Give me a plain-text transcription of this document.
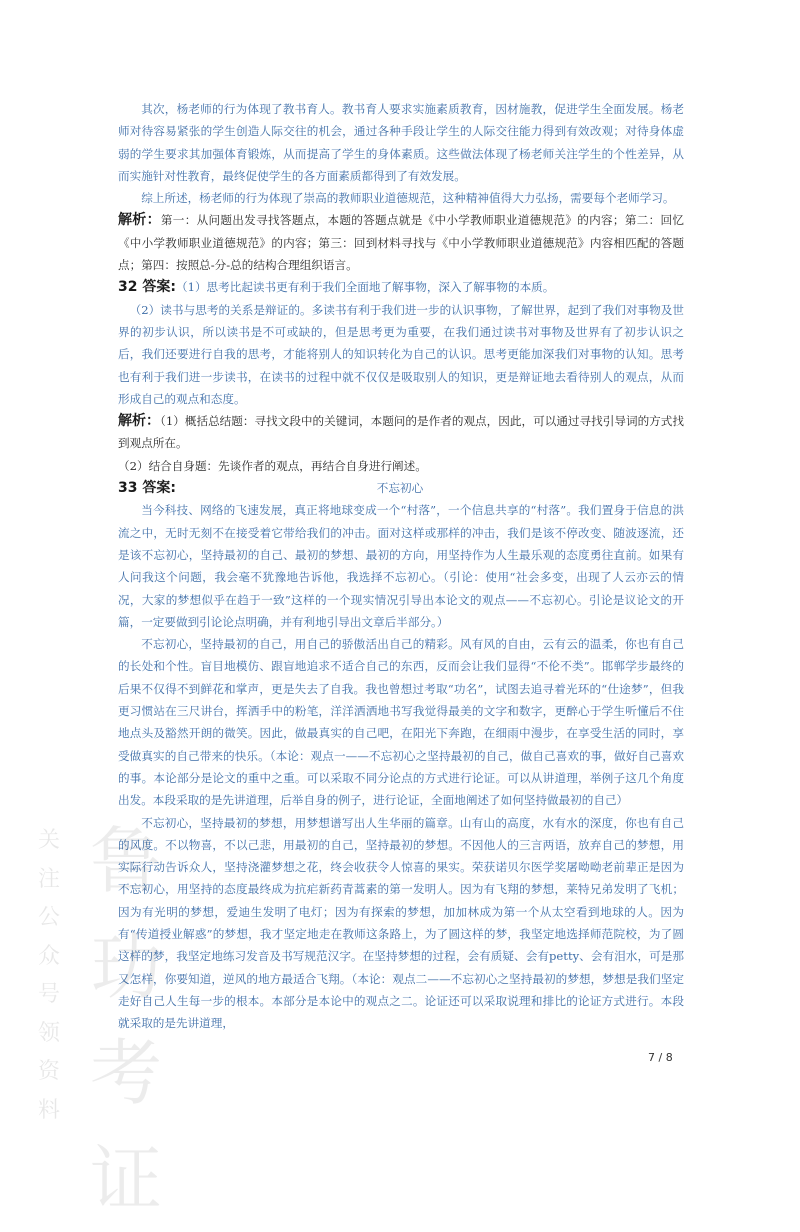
其次，杨老师的行为体现了教书育人。教书育人要求实施素质教育，因材施教，促进学生全面发展。杨老师对待容易紧张的学生创造人际交往的机会，通过各种手段让学生的人际交往能力得到有效改观；对待身体虚弱的学生要求其加强体育锻炼，从而提高了学生的身体素质。这些做法体现了杨老师关注学生的个性差异，从而实施针对性教育，最终促使学生的各方面素质都得到了有效发展。

综上所述，杨老师的行为体现了崇高的教师职业道德规范，这种精神值得大力弘扬，需要每个老师学习。

解析：第一：从问题出发寻找答题点，本题的答题点就是《中小学教师职业道德规范》的内容；第二：回忆《中小学教师职业道德规范》的内容；第三：回到材料寻找与《中小学教师职业道德规范》内容相匹配的答题点；第四：按照总-分-总的结构合理组织语言。

32 答案:（1）思考比起读书更有利于我们全面地了解事物，深入了解事物的本质。

（2）读书与思考的关系是辩证的。多读书有利于我们进一步的认识事物，了解世界，起到了我们对事物及世界的初步认识，所以读书是不可或缺的，但是思考更为重要，在我们通过读书对事物及世界有了初步认识之后，我们还要进行自我的思考，才能将别人的知识转化为自己的认识。思考更能加深我们对事物的认知。思考也有利于我们进一步读书，在读书的过程中就不仅仅是吸取别人的知识，更是辩证地去看待别人的观点，从而形成自己的观点和态度。

解析：（1）概括总结题：寻找文段中的关键词，本题问的是作者的观点，因此，可以通过寻找引导词的方式找到观点所在。

（2）结合自身题：先谈作者的观点，再结合自身进行阐述。

33 答案:	不忘初心

当今科技、网络的飞速发展，真正将地球变成一个“村落”，一个信息共享的“村落”。我们置身于信息的洪流之中，无时无刻不在接受着它带给我们的冲击。面对这样或那样的冲击，我们是该不停改变、随波逐流，还是该不忘初心，坚持最初的自己、最初的梦想、最初的方向，用坚持作为人生最乐观的态度勇往直前。如果有人问我这个问题，我会毫不犹豫地告诉他，我选择不忘初心。（引论：使用“社会多变，出现了人云亦云的情况，大家的梦想似乎在趋于一致”这样的一个现实情况引导出本论文的观点——不忘初心。引论是议论文的开篇，一定要做到引论论点明确，并有利地引导出文章后半部分。）

不忘初心，坚持最初的自己，用自己的骄傲活出自己的精彩。风有风的自由，云有云的温柔，你也有自己的长处和个性。盲目地模仿、跟盲地追求不适合自己的东西，反而会让我们显得“不伦不类”。邯郸学步最终的后果不仅得不到鲜花和掌声，更是失去了自我。我也曾想过考取“功名”，试图去追寻着光环的“仕途梦”，但我更习惯站在三尺讲台，挥洒手中的粉笔，洋洋洒洒地书写我觉得最美的文字和数字，更醉心于学生听懂后不住地点头及豁然开朗的微笑。因此，做最真实的自己吧，在阳光下奔跑，在细雨中漫步，在享受生活的同时，享受做真实的自己带来的快乐。（本论：观点一——不忘初心之坚持最初的自己，做自己喜欢的事，做好自己喜欢的事。本论部分是论文的重中之重。可以采取不同分论点的方式进行论证。可以从讲道理，举例子这几个角度出发。本段采取的是先讲道理，后举自身的例子，进行论证，全面地阐述了如何坚持做最初的自己）

不忘初心，坚持最初的梦想，用梦想谱写出人生华丽的篇章。山有山的高度，水有水的深度，你也有自己的风度。不以物喜，不以己悲，用最初的自己，坚持最初的梦想。不因他人的三言两语，放弃自己的梦想，用实际行动告诉众人，坚持浇灌梦想之花，终会收获令人惊喜的果实。荣获诺贝尔医学奖屠呦呦老前辈正是因为不忘初心，用坚持的态度最终成为抗疟新药青蒿素的第一发明人。因为有飞翔的梦想，莱特兄弟发明了飞机；因为有光明的梦想，爱迪生发明了电灯；因为有探索的梦想，加加林成为第一个从太空看到地球的人。因为有“传道授业解惑”的梦想，我才坚定地走在教师这条路上，为了圆这样的梦，我坚定地选择师范院校，为了圆这样的梦，我坚定地练习发音及书写规范汉字。在坚持梦想的过程，会有质疑、会有petty、会有泪水，可是那又怎样，你要知道，逆风的地方最适合飞翔。（本论：观点二——不忘初心之坚持最初的梦想，梦想是我们坚定走好自己人生每一步的根本。本部分是本论中的观点之二。论证还可以采取说理和排比的论证方式进行。本段就采取的是先讲道理，

关
注
公
众
号
领
资
料
鲁
玏
考
证
7 / 8
